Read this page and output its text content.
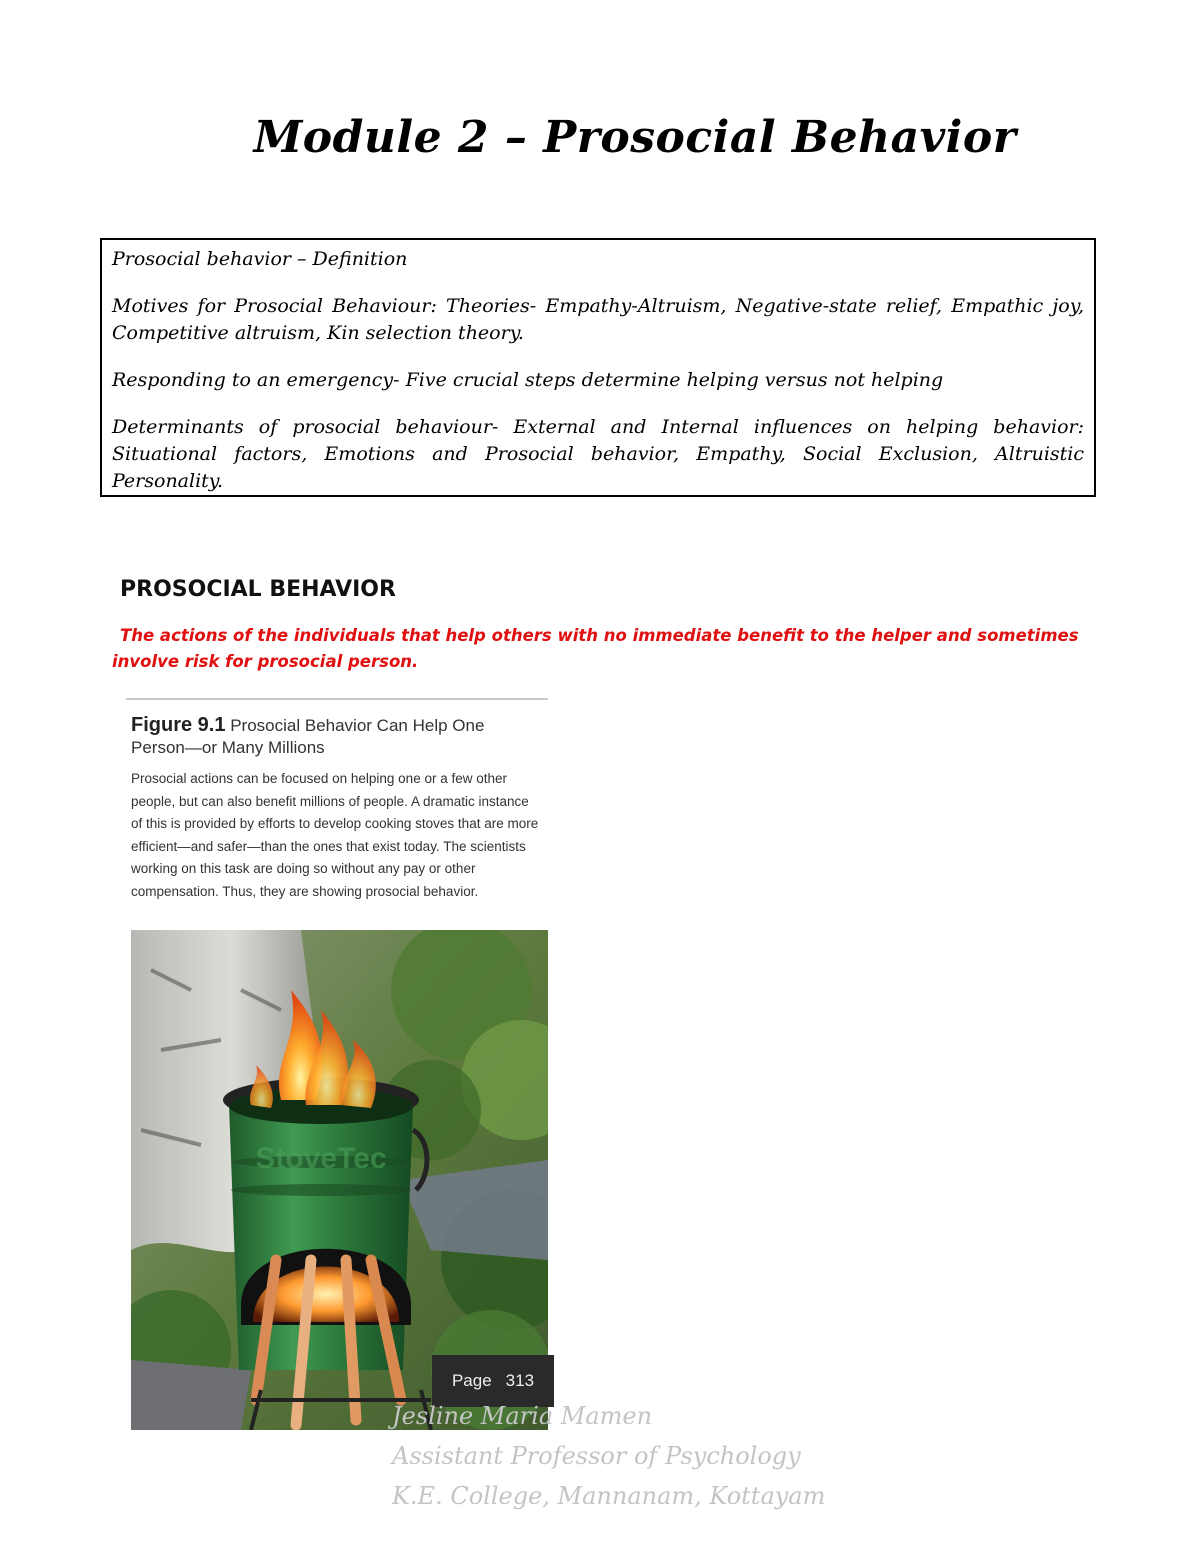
Module 2 – Prosocial Behavior

Prosocial behavior – Definition

Motives for Prosocial Behaviour: Theories- Empathy-Altruism, Negative-state relief, Empathic joy, Competitive altruism, Kin selection theory.

Responding to an emergency- Five crucial steps determine helping versus not helping

Determinants of prosocial behaviour- External and Internal influences on helping behavior: Situational factors, Emotions and Prosocial behavior, Empathy, Social Exclusion, Altruistic Personality.

PROSOCIAL BEHAVIOR
The actions of the individuals that help others with no immediate benefit to the helper and sometimes involve risk for prosocial person.
Figure 9.1 Prosocial Behavior Can Help One Person—or Many Millions
Prosocial actions can be focused on helping one or a few other people, but can also benefit millions of people. A dramatic instance of this is provided by efforts to develop cooking stoves that are more efficient—and safer—than the ones that exist today. The scientists working on this task are doing so without any pay or other compensation. Thus, they are showing prosocial behavior.
StoveTec
Page 313
Jesline Maria Mamen
Assistant Professor of Psychology
K.E. College, Mannanam, Kottayam
